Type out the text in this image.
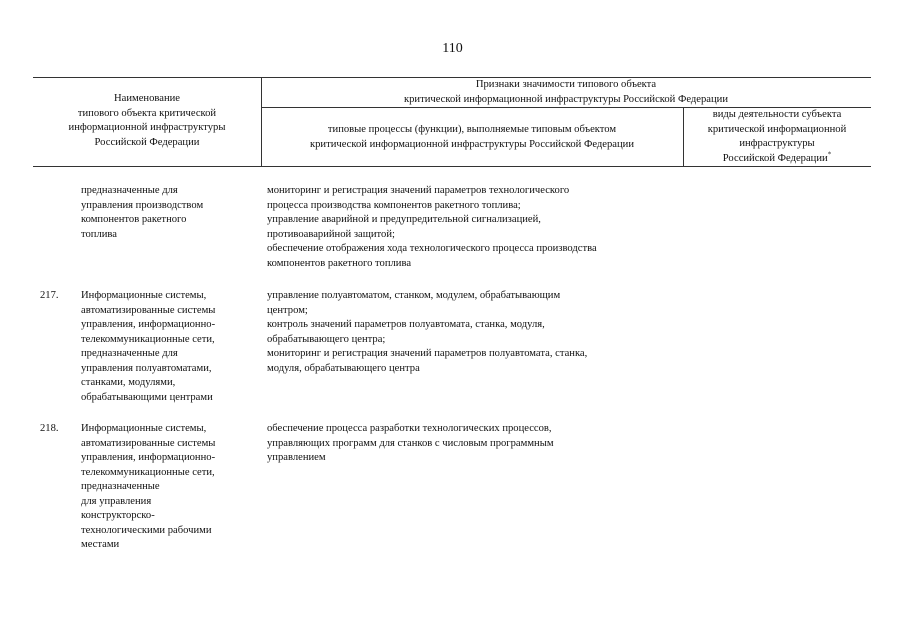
110
Наименование
типового объекта критической
информационной инфраструктуры
Российской Федерации
Признаки значимости типового объекта
критической информационной инфраструктуры Российской Федерации
типовые процессы (функции), выполняемые типовым объектом
критической информационной инфраструктуры Российской Федерации
виды деятельности субъекта
критической информационной
инфраструктуры
Российской Федерации*
предназначенные для
управления производством
компонентов ракетного
топлива
мониторинг и регистрация значений параметров технологического
процесса производства компонентов ракетного топлива;
управление аварийной и предупредительной сигнализацией,
противоаварийной защитой;
обеспечение отображения хода технологического процесса производства
компонентов ракетного топлива
217.	Информационные системы,
автоматизированные системы
управления, информационно-
телекоммуникационные сети,
предназначенные для
управления полуавтоматами,
станками, модулями,
обрабатывающими центрами
управление полуавтоматом, станком, модулем, обрабатывающим
центром;
контроль значений параметров полуавтомата, станка, модуля,
обрабатывающего центра;
мониторинг и регистрация значений параметров полуавтомата, станка,
модуля, обрабатывающего центра
218.	Информационные системы,
автоматизированные системы
управления, информационно-
телекоммуникационные сети,
предназначенные
для управления
конструкторско-
технологическими рабочими
местами
обеспечение процесса разработки технологических процессов,
управляющих программ для станков с числовым программным
управлением
